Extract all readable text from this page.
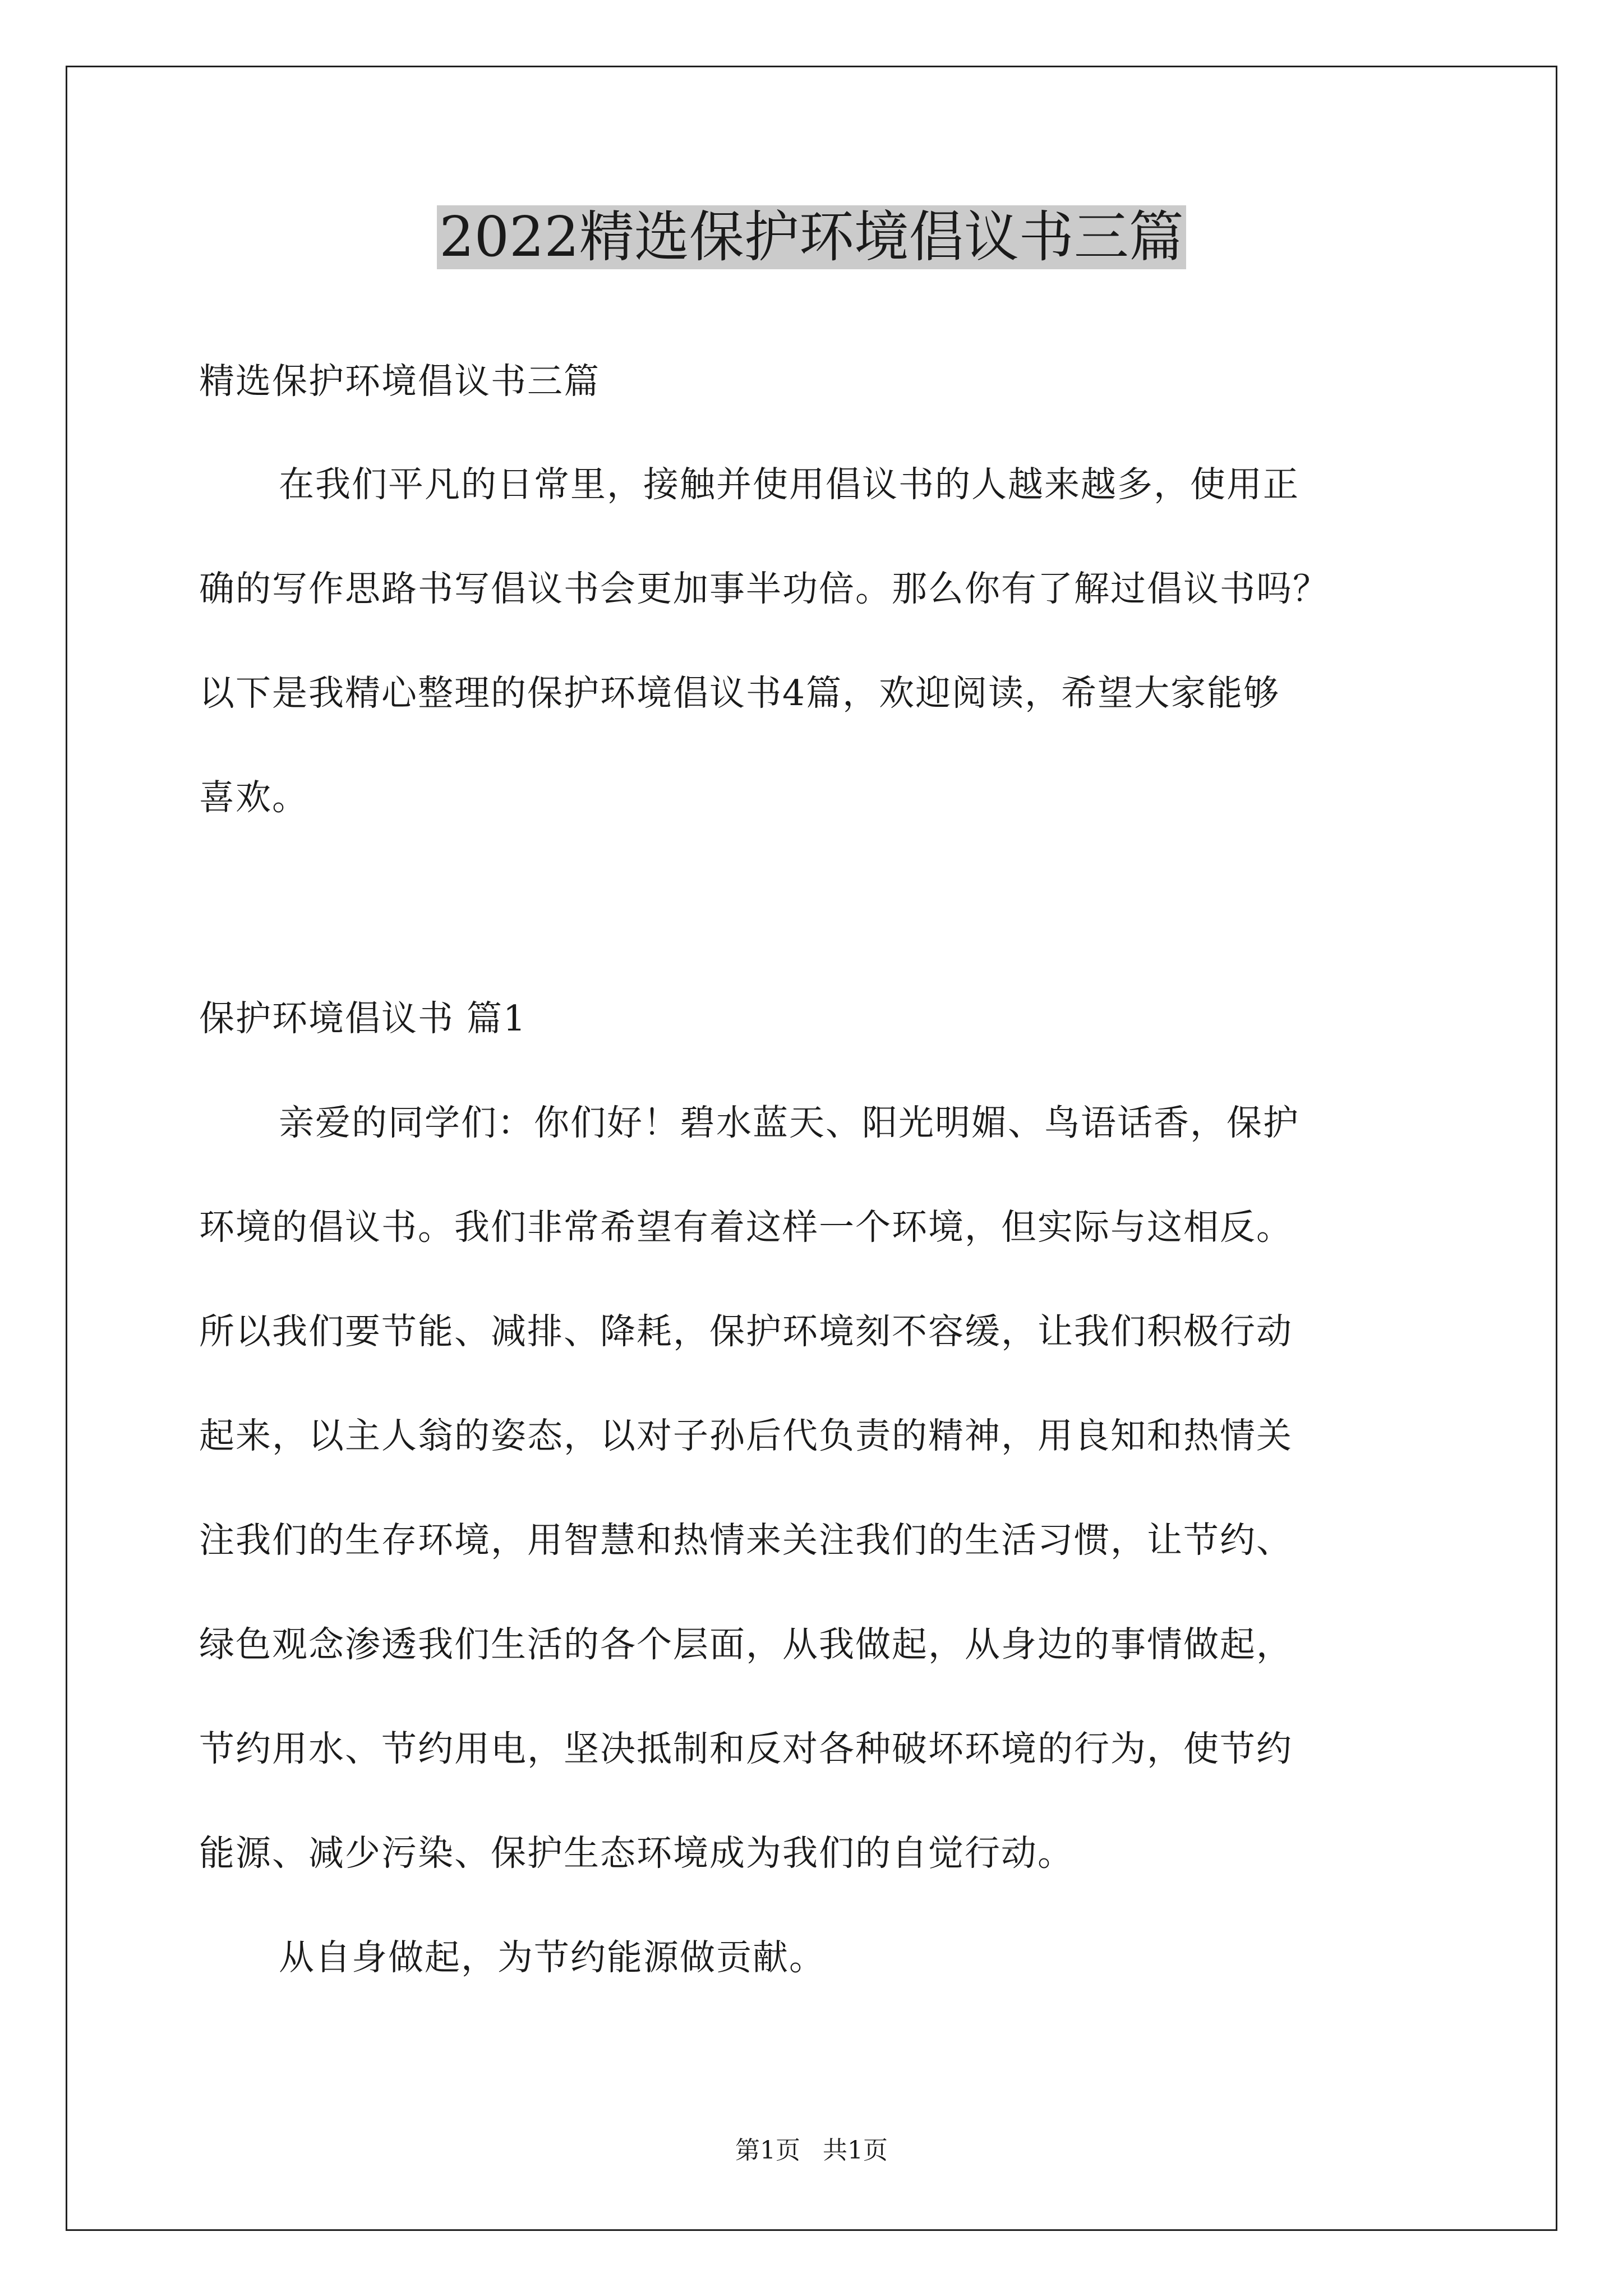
2022精选保护环境倡议书三篇
精选保护环境倡议书三篇
在我们平凡的日常里，接触并使用倡议书的人越来越多，使用正
确的写作思路书写倡议书会更加事半功倍。那么你有了解过倡议书吗？
以下是我精心整理的保护环境倡议书4篇，欢迎阅读，希望大家能够
喜欢。
保护环境倡议书 篇1
亲爱的同学们：你们好！碧水蓝天、阳光明媚、鸟语话香，保护
环境的倡议书。我们非常希望有着这样一个环境，但实际与这相反。
所以我们要节能、减排、降耗，保护环境刻不容缓，让我们积极行动
起来，以主人翁的姿态，以对子孙后代负责的精神，用良知和热情关
注我们的生存环境，用智慧和热情来关注我们的生活习惯，让节约、
绿色观念渗透我们生活的各个层面，从我做起，从身边的事情做起，
节约用水、节约用电，坚决抵制和反对各种破坏环境的行为，使节约
能源、减少污染、保护生态环境成为我们的自觉行动。
从自身做起，为节约能源做贡献。
第1页 共1页
